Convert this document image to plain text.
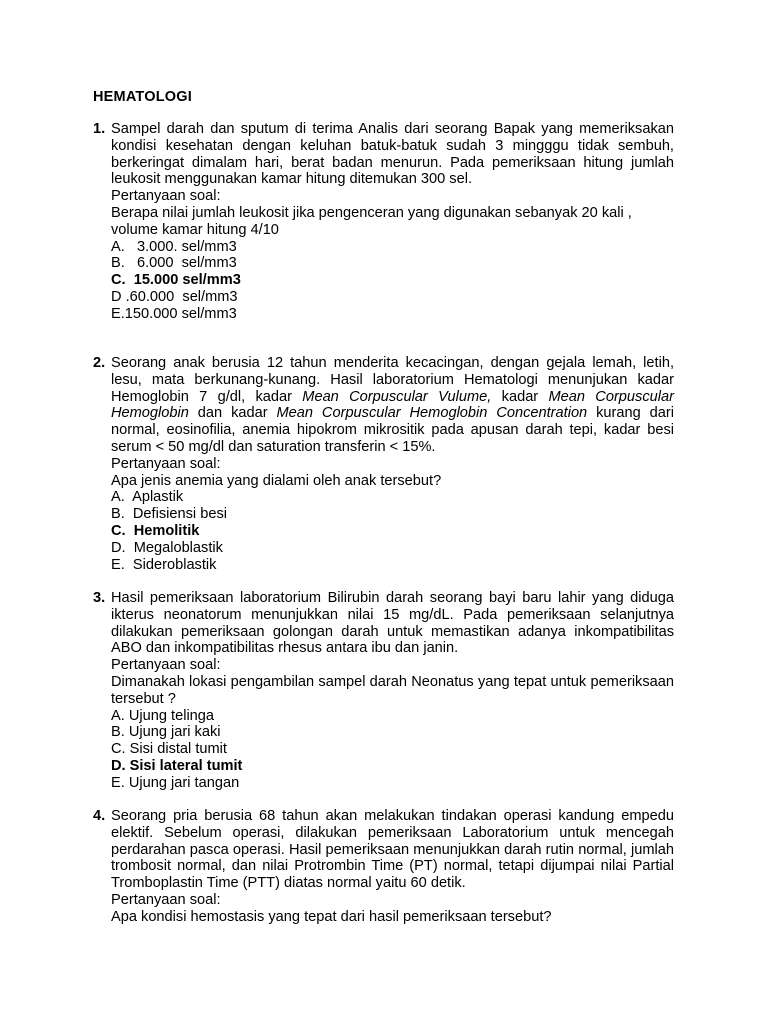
HEMATOLOGI
1. Sampel darah dan sputum di terima Analis dari seorang Bapak yang memeriksakan kondisi kesehatan dengan keluhan batuk-batuk sudah 3 mingggu tidak sembuh, berkeringat dimalam hari, berat badan menurun. Pada pemeriksaan hitung jumlah leukosit menggunakan kamar hitung ditemukan 300 sel.
Pertanyaan soal:
Berapa nilai jumlah leukosit jika pengenceran yang digunakan sebanyak 20 kali ,
volume kamar hitung 4/10
A.   3.000. sel/mm3
B.   6.000  sel/mm3
C.  15.000 sel/mm3
D .60.000  sel/mm3
E.150.000 sel/mm3
2. Seorang anak berusia 12 tahun menderita kecacingan, dengan gejala lemah, letih, lesu, mata berkunang-kunang. Hasil laboratorium Hematologi menunjukan kadar Hemoglobin 7 g/dl, kadar Mean Corpuscular Vulume, kadar Mean Corpuscular Hemoglobin dan kadar Mean Corpuscular Hemoglobin Concentration kurang dari normal, eosinofilia, anemia hipokrom mikrositik pada apusan darah tepi, kadar besi serum < 50 mg/dl dan saturation transferin < 15%.
Pertanyaan soal:
Apa jenis anemia yang dialami oleh anak tersebut?
A.  Aplastik
B.  Defisiensi besi
C.  Hemolitik
D.  Megaloblastik
E.  Sideroblastik
3. Hasil pemeriksaan laboratorium Bilirubin darah seorang bayi baru lahir yang diduga ikterus neonatorum menunjukkan nilai 15 mg/dL. Pada pemeriksaan selanjutnya dilakukan pemeriksaan golongan darah untuk memastikan adanya inkompatibilitas ABO dan inkompatibilitas rhesus antara ibu dan janin.
Pertanyaan soal:
Dimanakah lokasi pengambilan sampel darah Neonatus yang tepat untuk pemeriksaan tersebut ?
A. Ujung telinga
B. Ujung jari kaki
C. Sisi distal tumit
D. Sisi lateral tumit
E. Ujung jari tangan
4. Seorang pria berusia 68 tahun akan melakukan tindakan operasi kandung empedu elektif. Sebelum operasi, dilakukan pemeriksaan Laboratorium untuk mencegah perdarahan pasca operasi. Hasil pemeriksaan menunjukkan darah rutin normal, jumlah trombosit normal, dan nilai Protrombin Time (PT) normal, tetapi dijumpai nilai Partial Tromboplastin Time (PTT) diatas normal yaitu 60 detik.
Pertanyaan soal:
Apa kondisi hemostasis yang tepat dari hasil pemeriksaan tersebut?
